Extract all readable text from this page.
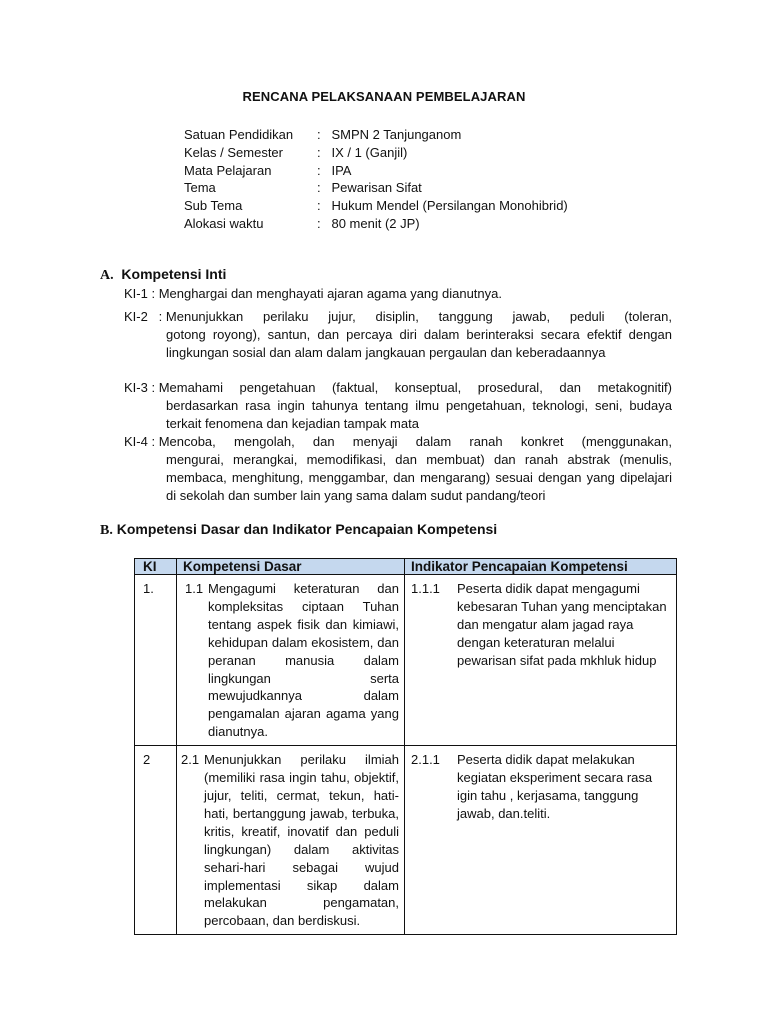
RENCANA PELAKSANAAN PEMBELAJARAN
Satuan Pendidikan : SMPN 2 Tanjunganom
Kelas / Semester	: IX / 1 (Ganjil)
Mata Pelajaran	:   IPA
Tema	: Pewarisan Sifat
Sub Tema	: Hukum Mendel (Persilangan Monohibrid)
Alokasi waktu	: 80 menit (2 JP)
A. Kompetensi Inti
KI-1 : Menghargai dan menghayati ajaran agama yang dianutnya.
KI-2 : Menunjukkan perilaku jujur, disiplin, tanggung jawab, peduli (toleran,
gotong royong), santun, dan percaya diri dalam berinteraksi secara efektif dengan lingkungan sosial dan alam dalam jangkauan pergaulan dan keberadaannya
KI-3 : Memahami pengetahuan (faktual, konseptual, prosedural, dan metakognitif)
berdasarkan rasa ingin tahunya tentang ilmu pengetahuan, teknologi, seni, budaya terkait fenomena dan kejadian tampak mata
KI-4 : Mencoba, mengolah, dan menyaji dalam ranah konkret (menggunakan,
mengurai, merangkai, memodifikasi, dan membuat) dan ranah abstrak (menulis, membaca, menghitung, menggambar, dan mengarang) sesuai dengan yang dipelajari di sekolah dan sumber lain yang sama dalam sudut pandang/teori
B. Kompetensi Dasar dan Indikator Pencapaian Kompetensi
KI	Kompetensi Dasar	Indikator Pencapaian Kompetensi
1.	1.1 Mengagumi keteraturan dan kompleksitas ciptaan Tuhan tentang aspek fisik dan kimiawi, kehidupan dalam ekosistem, dan peranan manusia dalam lingkungan serta mewujudkannya dalam pengamalan ajaran agama yang dianutnya.	1.1.1 Peserta didik dapat mengagumi kebesaran Tuhan yang menciptakan dan mengatur alam jagad raya dengan keteraturan melalui pewarisan sifat pada mkhluk hidup

2	2.1 Menunjukkan perilaku ilmiah (memiliki rasa ingin tahu, objektif, jujur, teliti, cermat, tekun, hati-hati, bertanggung jawab, terbuka, kritis, kreatif, inovatif dan peduli lingkungan) dalam aktivitas sehari-hari sebagai wujud implementasi sikap dalam melakukan pengamatan, percobaan, dan berdiskusi.	2.1.1 Peserta didik dapat melakukan kegiatan eksperiment secara rasa igin tahu , kerjasama, tanggung jawab, dan.teliti.
